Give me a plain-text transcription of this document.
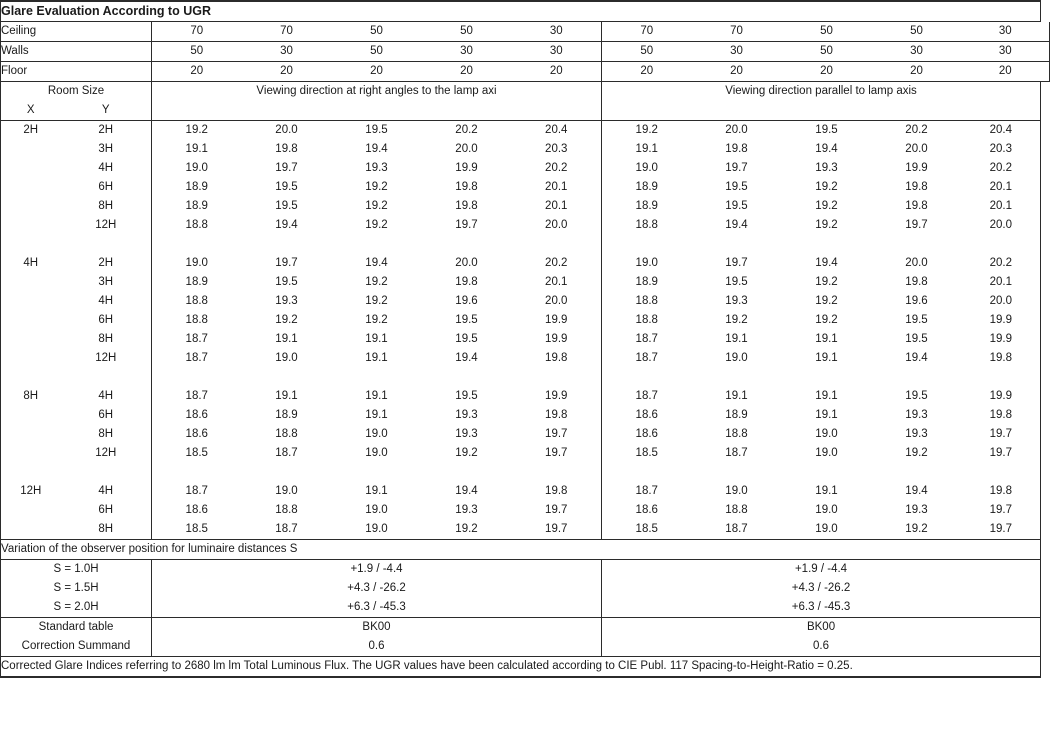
Glare Evaluation According to UGR											
Ceiling		70	70	50	50	30	70	70	50	50	30
Walls		50	30	50	30	30	50	30	50	30	30
Floor		20	20	20	20	20	20	20	20	20	20
Room Size		Viewing direction at right angles to the lamp axi					Viewing direction parallel to lamp axis				
X	Y										
2H	2H	19.2	20.0	19.5	20.2	20.4	19.2	20.0	19.5	20.2	20.4
	3H	19.1	19.8	19.4	20.0	20.3	19.1	19.8	19.4	20.0	20.3
	4H	19.0	19.7	19.3	19.9	20.2	19.0	19.7	19.3	19.9	20.2
	6H	18.9	19.5	19.2	19.8	20.1	18.9	19.5	19.2	19.8	20.1
	8H	18.9	19.5	19.2	19.8	20.1	18.9	19.5	19.2	19.8	20.1
	12H	18.8	19.4	19.2	19.7	20.0	18.8	19.4	19.2	19.7	20.0

4H	2H	19.0	19.7	19.4	20.0	20.2	19.0	19.7	19.4	20.0	20.2
	3H	18.9	19.5	19.2	19.8	20.1	18.9	19.5	19.2	19.8	20.1
	4H	18.8	19.3	19.2	19.6	20.0	18.8	19.3	19.2	19.6	20.0
	6H	18.8	19.2	19.2	19.5	19.9	18.8	19.2	19.2	19.5	19.9
	8H	18.7	19.1	19.1	19.5	19.9	18.7	19.1	19.1	19.5	19.9
	12H	18.7	19.0	19.1	19.4	19.8	18.7	19.0	19.1	19.4	19.8

8H	4H	18.7	19.1	19.1	19.5	19.9	18.7	19.1	19.1	19.5	19.9
	6H	18.6	18.9	19.1	19.3	19.8	18.6	18.9	19.1	19.3	19.8
	8H	18.6	18.8	19.0	19.3	19.7	18.6	18.8	19.0	19.3	19.7
	12H	18.5	18.7	19.0	19.2	19.7	18.5	18.7	19.0	19.2	19.7

12H	4H	18.7	19.0	19.1	19.4	19.8	18.7	19.0	19.1	19.4	19.8
	6H	18.6	18.8	19.0	19.3	19.7	18.6	18.8	19.0	19.3	19.7
	8H	18.5	18.7	19.0	19.2	19.7	18.5	18.7	19.0	19.2	19.7
Variation of the observer position for luminaire distances S											
S = 1.0H		+1.9 / -4.4					+1.9 / -4.4				
S = 1.5H		+4.3 / -26.2					+4.3 / -26.2				
S = 2.0H		+6.3 / -45.3					+6.3 / -45.3				
Standard table		BK00					BK00				
Correction Summand		0.6					0.6				
Corrected Glare Indices referring to 2680 lm lm Total Luminous Flux. The UGR values have been calculated according to CIE Publ. 117 Spacing-to-Height-Ratio = 0.25.											
